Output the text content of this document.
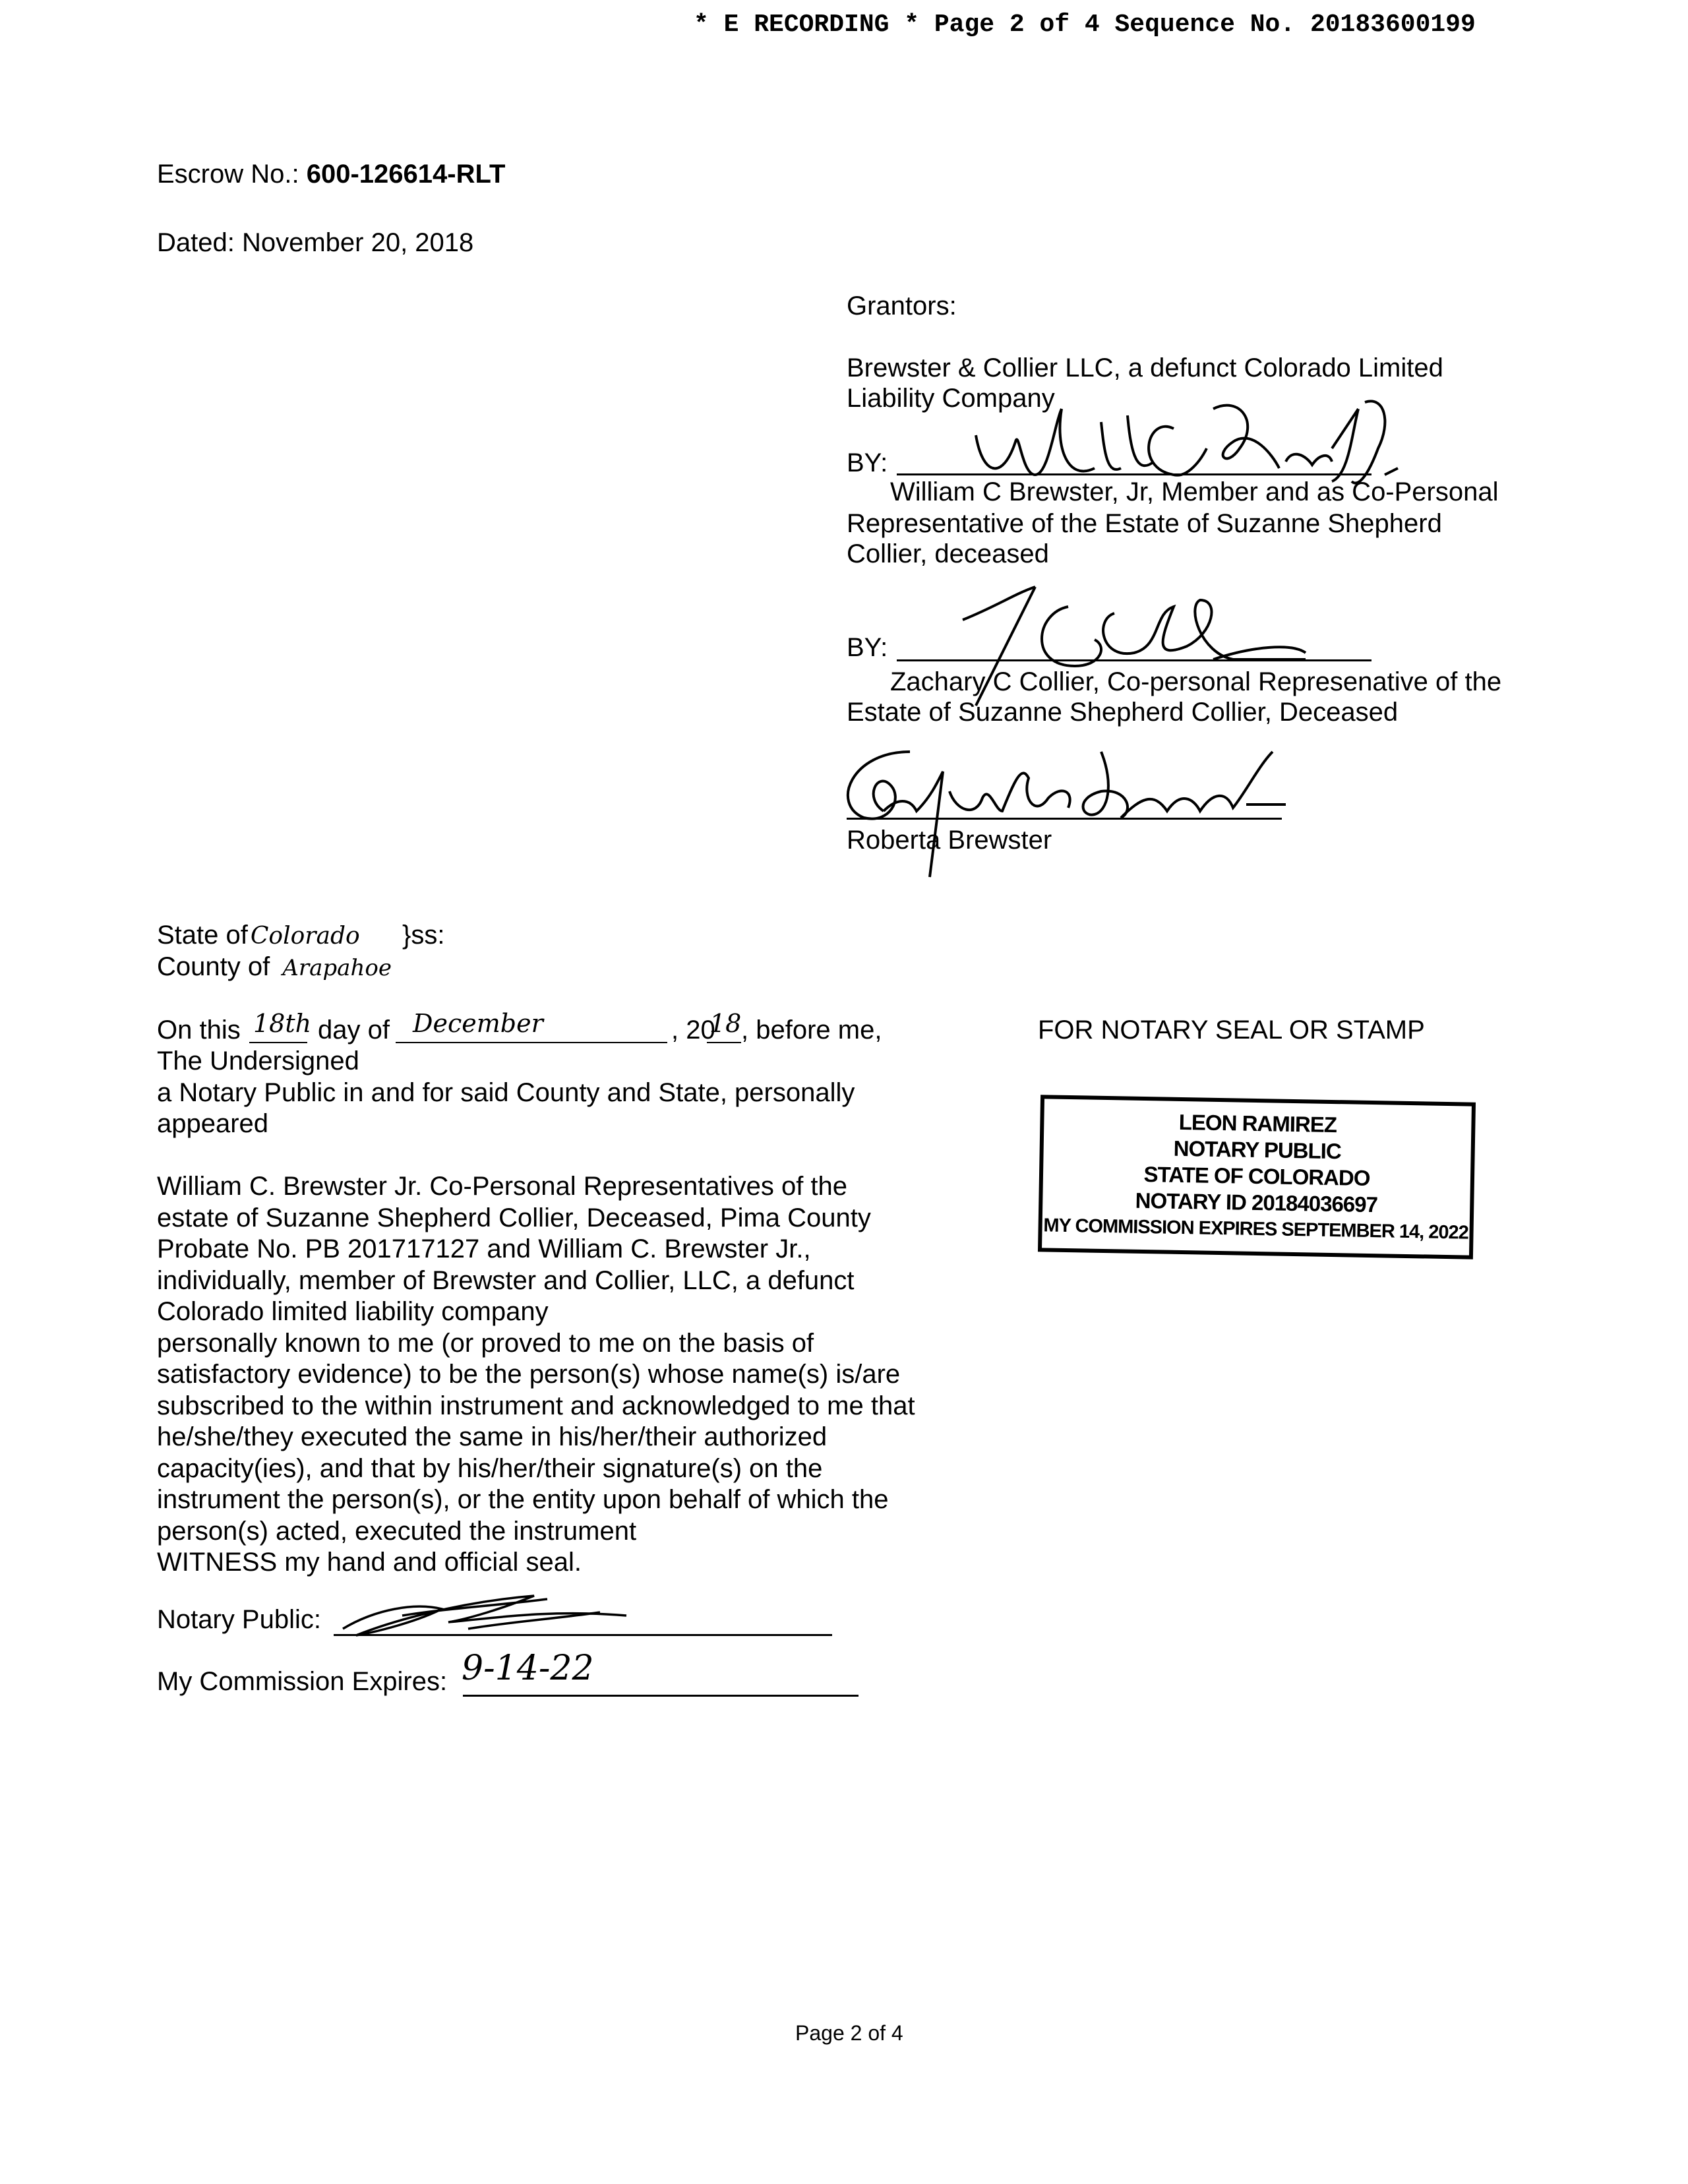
* E RECORDING * Page 2 of 4 Sequence No. 20183600199
Escrow No.: 600-126614-RLT
Dated: November 20, 2018
Grantors:
Brewster & Collier LLC, a defunct Colorado Limited
Liability Company
BY:
William C Brewster, Jr, Member and as Co-Personal
Representative of the Estate of Suzanne Shepherd
Collier, deceased
BY:
Zachary C Collier, Co-personal Represenative of the
Estate of Suzanne Shepherd Collier, Deceased
Roberta Brewster
State of Colorado }ss:
County of Arapahoe
On this 18th day of December	, 20
18 , before me,
The Undersigned
a Notary Public in and for said County and State, personally
appeared
William C. Brewster Jr. Co-Personal Representatives of the
estate of Suzanne Shepherd Collier, Deceased, Pima County
Probate No. PB 201717127 and William C. Brewster Jr.,
individually, member of Brewster and Collier, LLC, a defunct
Colorado limited liability company
personally known to me (or proved to me on the basis of
satisfactory evidence) to be the person(s) whose name(s) is/are
subscribed to the within instrument and acknowledged to me that
he/she/they executed the same in his/her/their authorized
capacity(ies), and that by his/her/their signature(s) on the
instrument the person(s), or the entity upon behalf of which the
person(s) acted, executed the instrument
WITNESS my hand and official seal.
FOR NOTARY SEAL OR STAMP
LEON RAMIREZ
NOTARY PUBLIC
STATE OF COLORADO
NOTARY ID 20184036697
MY COMMISSION EXPIRES SEPTEMBER 14, 2022
Notary Public:
My Commission Expires: 9-14-22
Page 2 of 4
